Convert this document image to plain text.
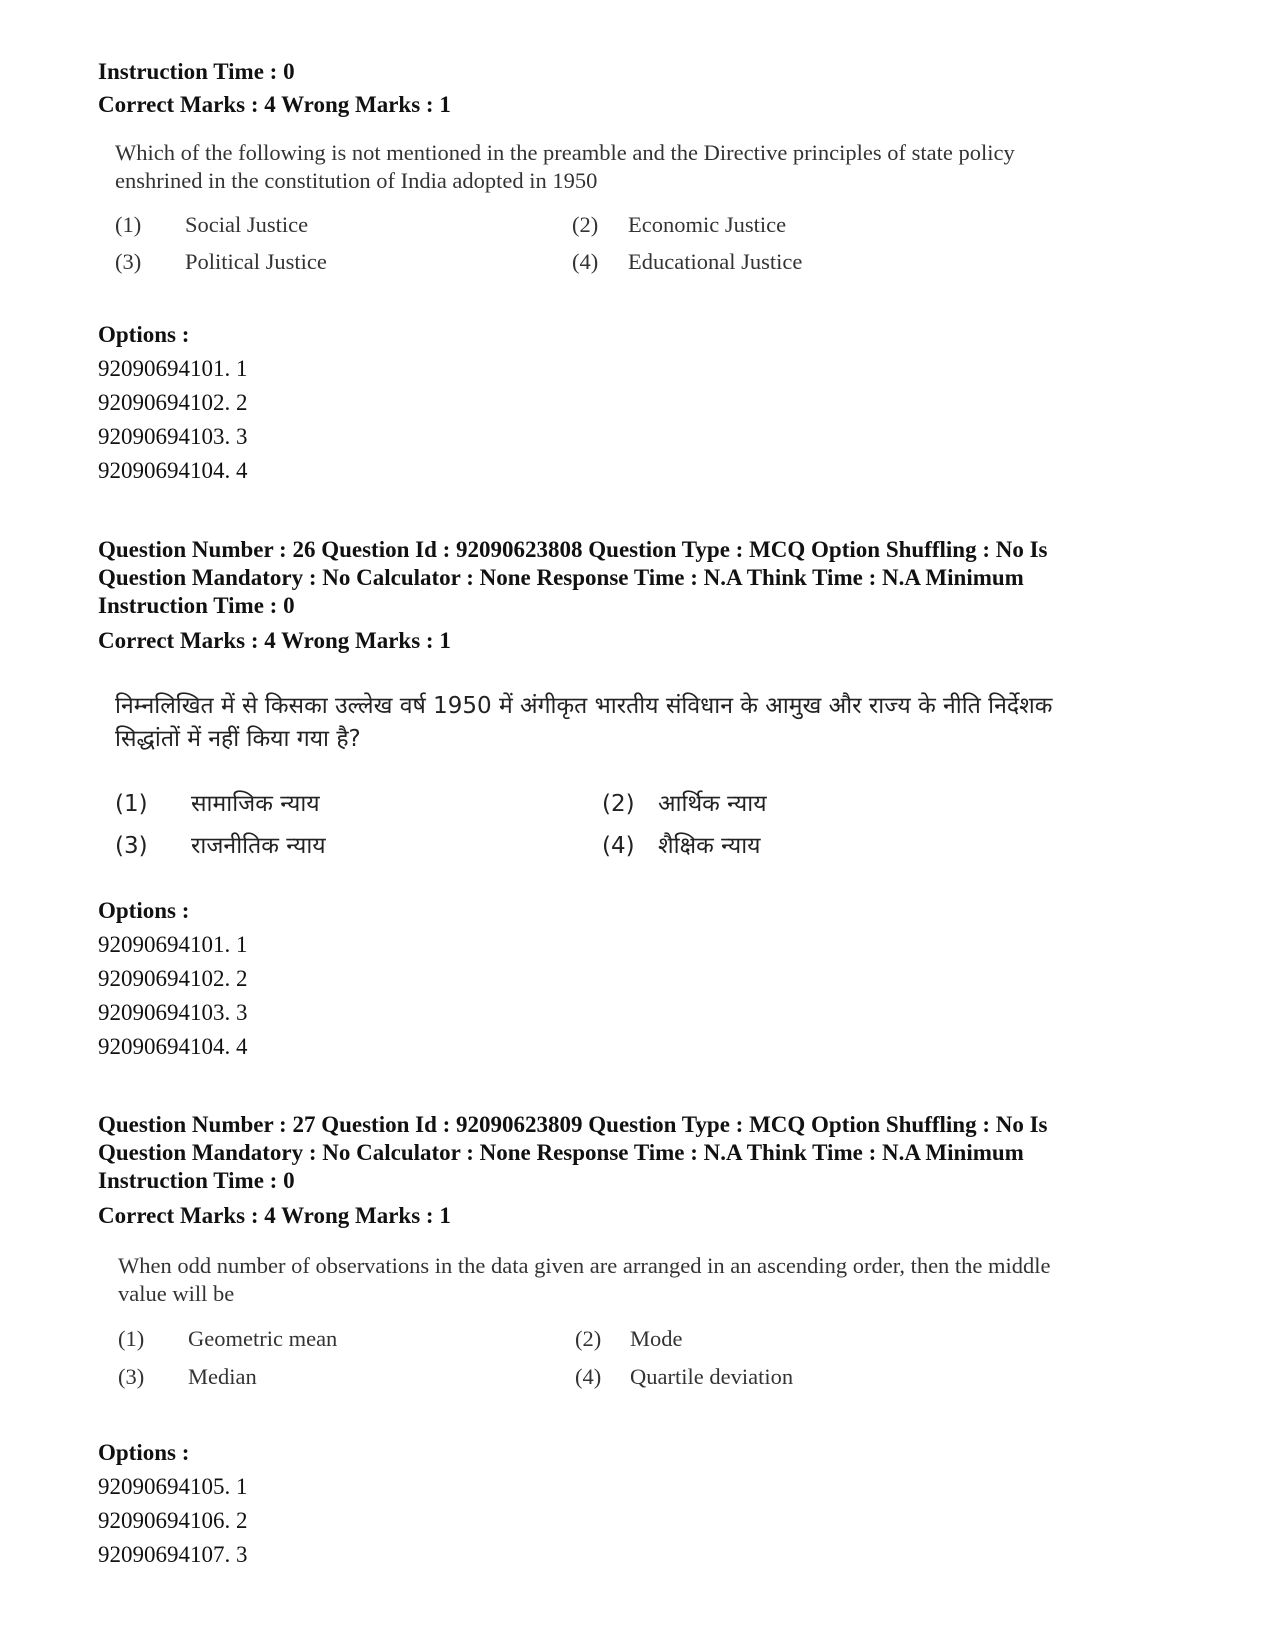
Instruction Time : 0

Correct Marks : 4 Wrong Marks : 1

Which of the following is not mentioned in the preamble and the Directive principles of state policy enshrined in the constitution of India adopted in 1950

(1) Social Justice	(2) Economic Justice
(3) Political Justice	(4) Educational Justice

Options :

92090694101. 1

92090694102. 2

92090694103. 3

92090694104. 4

Question Number : 26 Question Id : 92090623808 Question Type : MCQ Option Shuffling : No Is

Question Mandatory : No Calculator : None Response Time : N.A Think Time : N.A Minimum

Instruction Time : 0

Correct Marks : 4 Wrong Marks : 1

निम्नलिखित में से किसका उल्लेख वर्ष 1950 में अंगीकृत भारतीय संविधान के आमुख और राज्य के नीति निर्देशक सिद्धांतों में नहीं किया गया है?

(1) सामाजिक न्याय	(2) आर्थिक न्याय
(3) राजनीतिक न्याय	(4) शैक्षिक न्याय

Options :

92090694101. 1

92090694102. 2

92090694103. 3

92090694104. 4

Question Number : 27 Question Id : 92090623809 Question Type : MCQ Option Shuffling : No Is

Question Mandatory : No Calculator : None Response Time : N.A Think Time : N.A Minimum

Instruction Time : 0

Correct Marks : 4 Wrong Marks : 1

When odd number of observations in the data given are arranged in an ascending order, then the middle value will be

(1) Geometric mean	(2) Mode
(3) Median	(4) Quartile deviation

Options :

92090694105. 1

92090694106. 2

92090694107. 3
